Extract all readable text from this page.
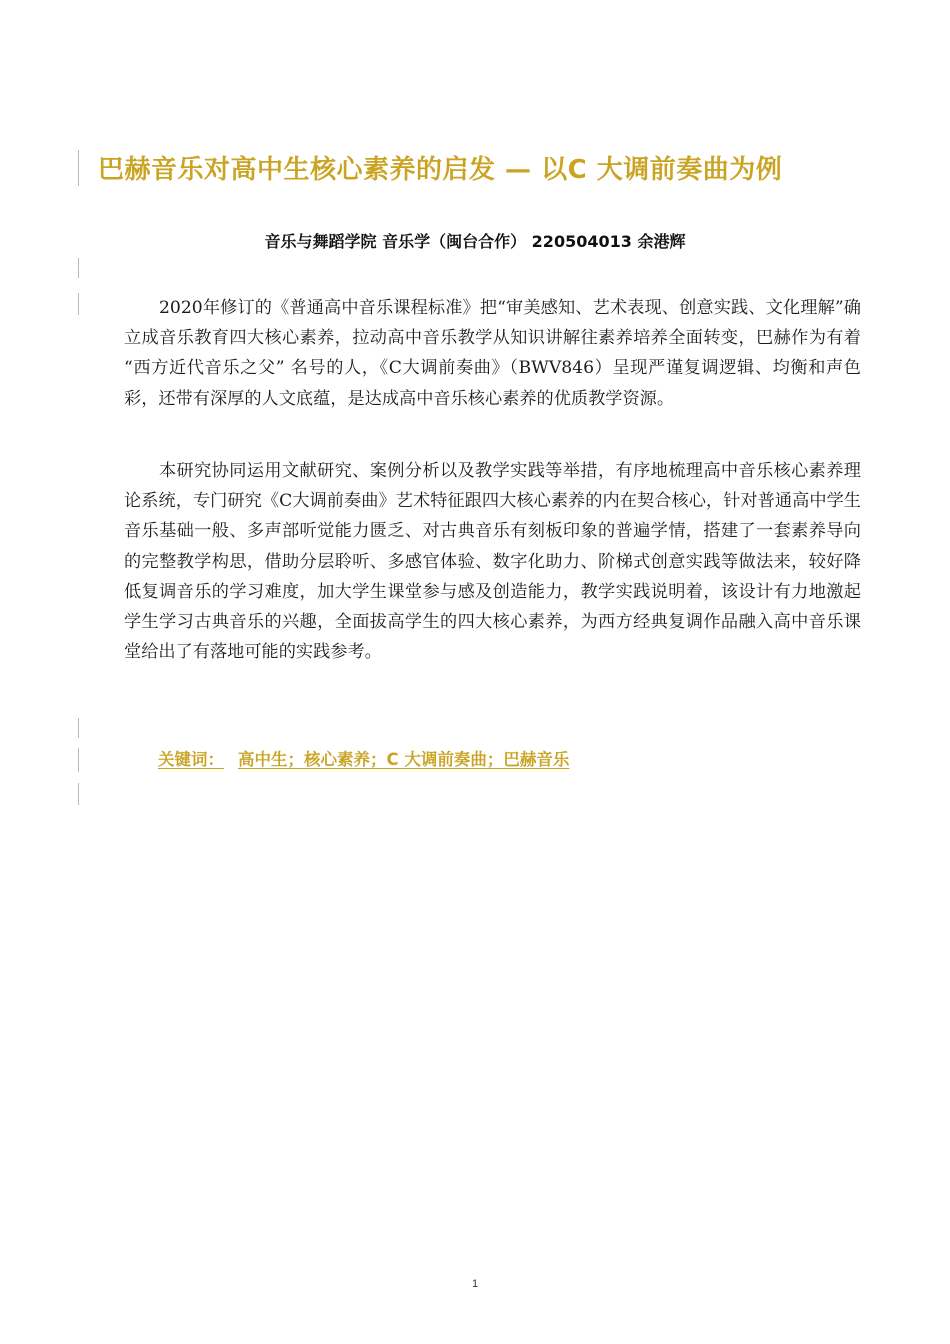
巴赫音乐对高中生核心素养的启发 — 以C 大调前奏曲为例
音乐与舞蹈学院 音乐学（闽台合作） 220504013 余港辉

2020年修订的《普通高中音乐课程标准》把“审美感知、艺术表现、创意实践、文化理解”确立成音乐教育四大核心素养，拉动高中音乐教学从知识讲解往素养培养全面转变，巴赫作为有着 “西方近代音乐之父” 名号的人，《C大调前奏曲》（BWV846）呈现严谨复调逻辑、均衡和声色彩，还带有深厚的人文底蕴，是达成高中音乐核心素养的优质教学资源。

本研究协同运用文献研究、案例分析以及教学实践等举措，有序地梳理高中音乐核心素养理论系统，专门研究《C大调前奏曲》艺术特征跟四大核心素养的内在契合核心，针对普通高中学生音乐基础一般、多声部听觉能力匮乏、对古典音乐有刻板印象的普遍学情，搭建了一套素养导向的完整教学构思，借助分层聆听、多感官体验、数字化助力、阶梯式创意实践等做法来，较好降低复调音乐的学习难度，加大学生课堂参与感及创造能力，教学实践说明着，该设计有力地激起学生学习古典音乐的兴趣，全面拔高学生的四大核心素养，为西方经典复调作品融入高中音乐课堂给出了有落地可能的实践参考。

关键词： 高中生；核心素养；C 大调前奏曲；巴赫音乐
1
